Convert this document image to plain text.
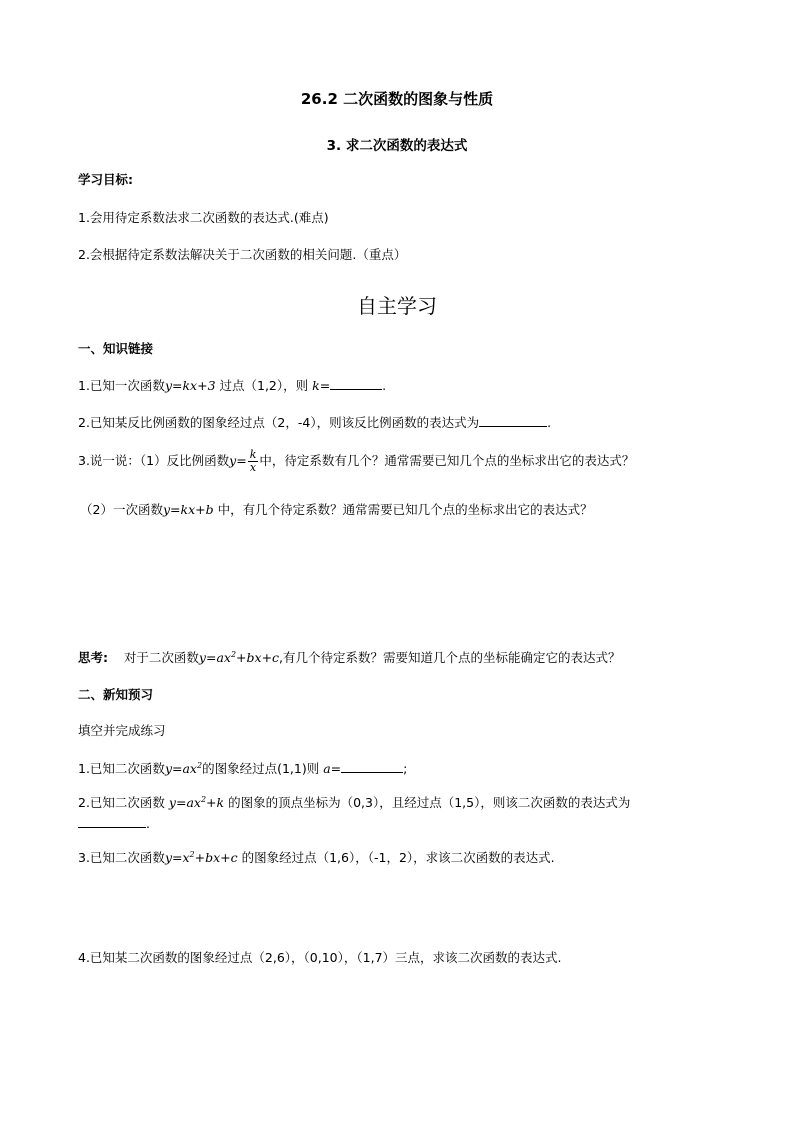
26.2 二次函数的图象与性质
3. 求二次函数的表达式
学习目标:
1.会用待定系数法求二次函数的表达式.(难点)
2.会根据待定系数法解决关于二次函数的相关问题.（重点）
自主学习
一、知识链接
1.已知一次函数y=kx+3 过点（1,2），则 k=	.
2.已知某反比例函数的图象经过点（2，-4），则该反比例函数的表达式为	.
3.说一说：（1）反比例函数$y= \frac{k}{x}$ 中，待定系数有几个？通常需要已知几个点的坐标求出它的表达式？
（2）一次函数y=kx+b 中，有几个待定系数？通常需要已知几个点的坐标求出它的表达式？
思考:    对于二次函数$y=ax^2+bx+c$,有几个待定系数？需要知道几个点的坐标能确定它的表达式？
二、新知预习
填空并完成练习
1.已知二次函数$y=ax^2$的图象经过点(1,1)则 a=	;
2.已知二次函数 $y=ax^2+k$ 的图象的顶点坐标为（0,3），且经过点（1,5），则该二次函数的表达式为
.
3.已知二次函数$y=x^2+bx+c$ 的图象经过点（1,6），（-1，2），求该二次函数的表达式.
4.已知某二次函数的图象经过点（2,6），（0,10），（1,7）三点，求该二次函数的表达式.
